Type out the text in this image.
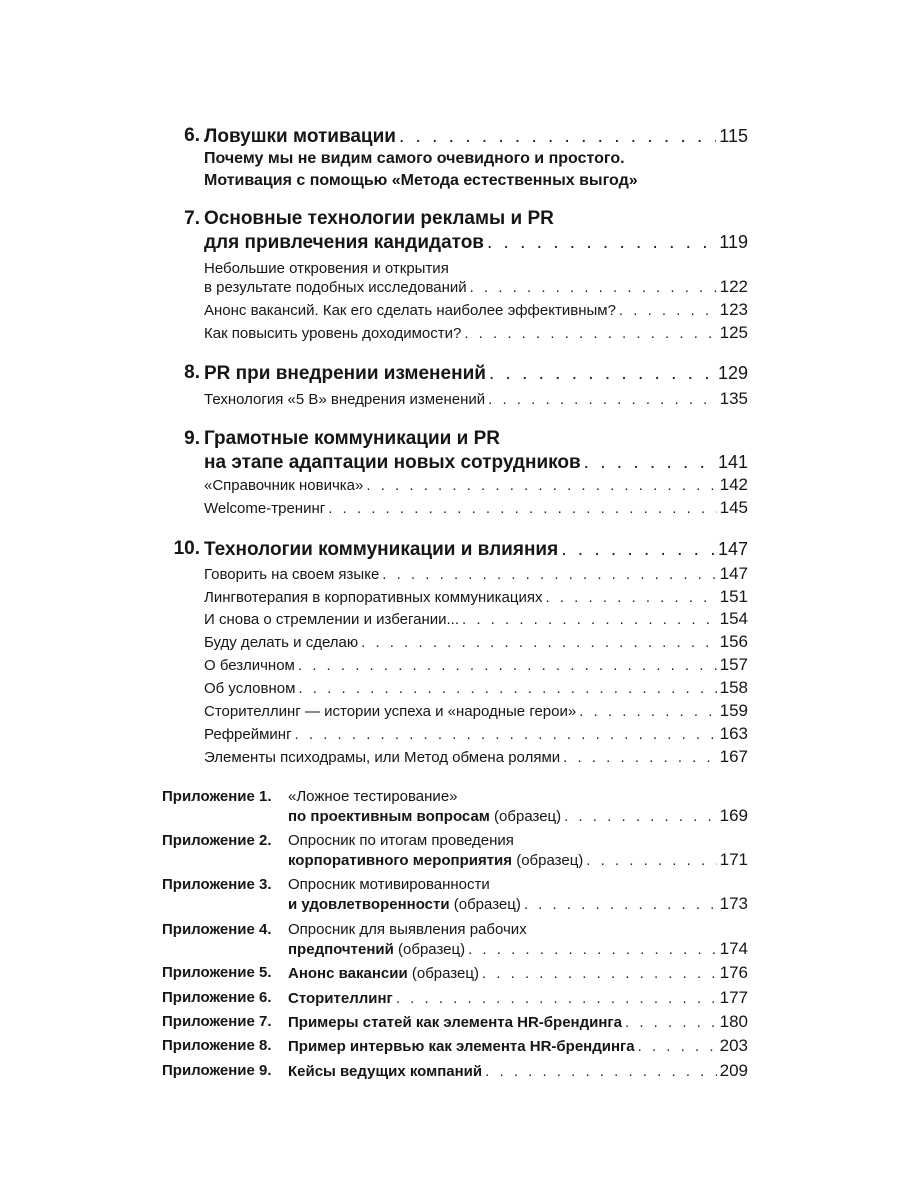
6. Ловушки мотивации . . .	115

Почему мы не видим самого очевидного и простого.

Мотивация с помощью «Метода естественных выгод»

7. Основные технологии рекламы и PR

для привлечения кандидатов . . .	119

Небольшие откровения и открытия

в результате подобных исследований . . .	122
Анонс вакансий. Как его сделать наиболее эффективным? . . .	123
Как повысить уровень доходимости? . . .	125

8. PR при внедрении изменений . . .	129
Технология «5 В» внедрения изменений . . .	135

9. Грамотные коммуникации и PR

на этапе адаптации новых сотрудников . . .	141
«Справочник новичка» . . .	142
Welcome-тренинг . . .	145

10. Технологии коммуникации и влияния . . .	147
Говорить на своем языке . . .	147
Лингвотерапия в корпоративных коммуникациях . . .	151
И снова о стремлении и избегании... . . .	154
Буду делать и сделаю . . .	156
О безличном . . .	157
Об условном . . .	158
Сторителлинг — истории успеха и «народные герои» . . .	159
Рефрейминг . . .	163
Элементы психодрамы, или Метод обмена ролями . . .	167

Приложение 1.	«Ложное тестирование»

по проективным вопросам (образец) . . .	169

Приложение 2.	Опросник по итогам проведения

корпоративного мероприятия (образец) . . .	171

Приложение 3.	Опросник мотивированности

и удовлетворенности (образец) . . .	173

Приложение 4.	Опросник для выявления рабочих

предпочтений (образец) . . .	174

Приложение 5.	Анонс вакансии (образец) . . .	176

Приложение 6.	Сторителлинг . . .	177

Приложение 7.	Примеры статей как элемента HR-брендинга . . .	180

Приложение 8.	Пример интервью как элемента HR-брендинга . . .	203

Приложение 9.	Кейсы ведущих компаний . . .	209
